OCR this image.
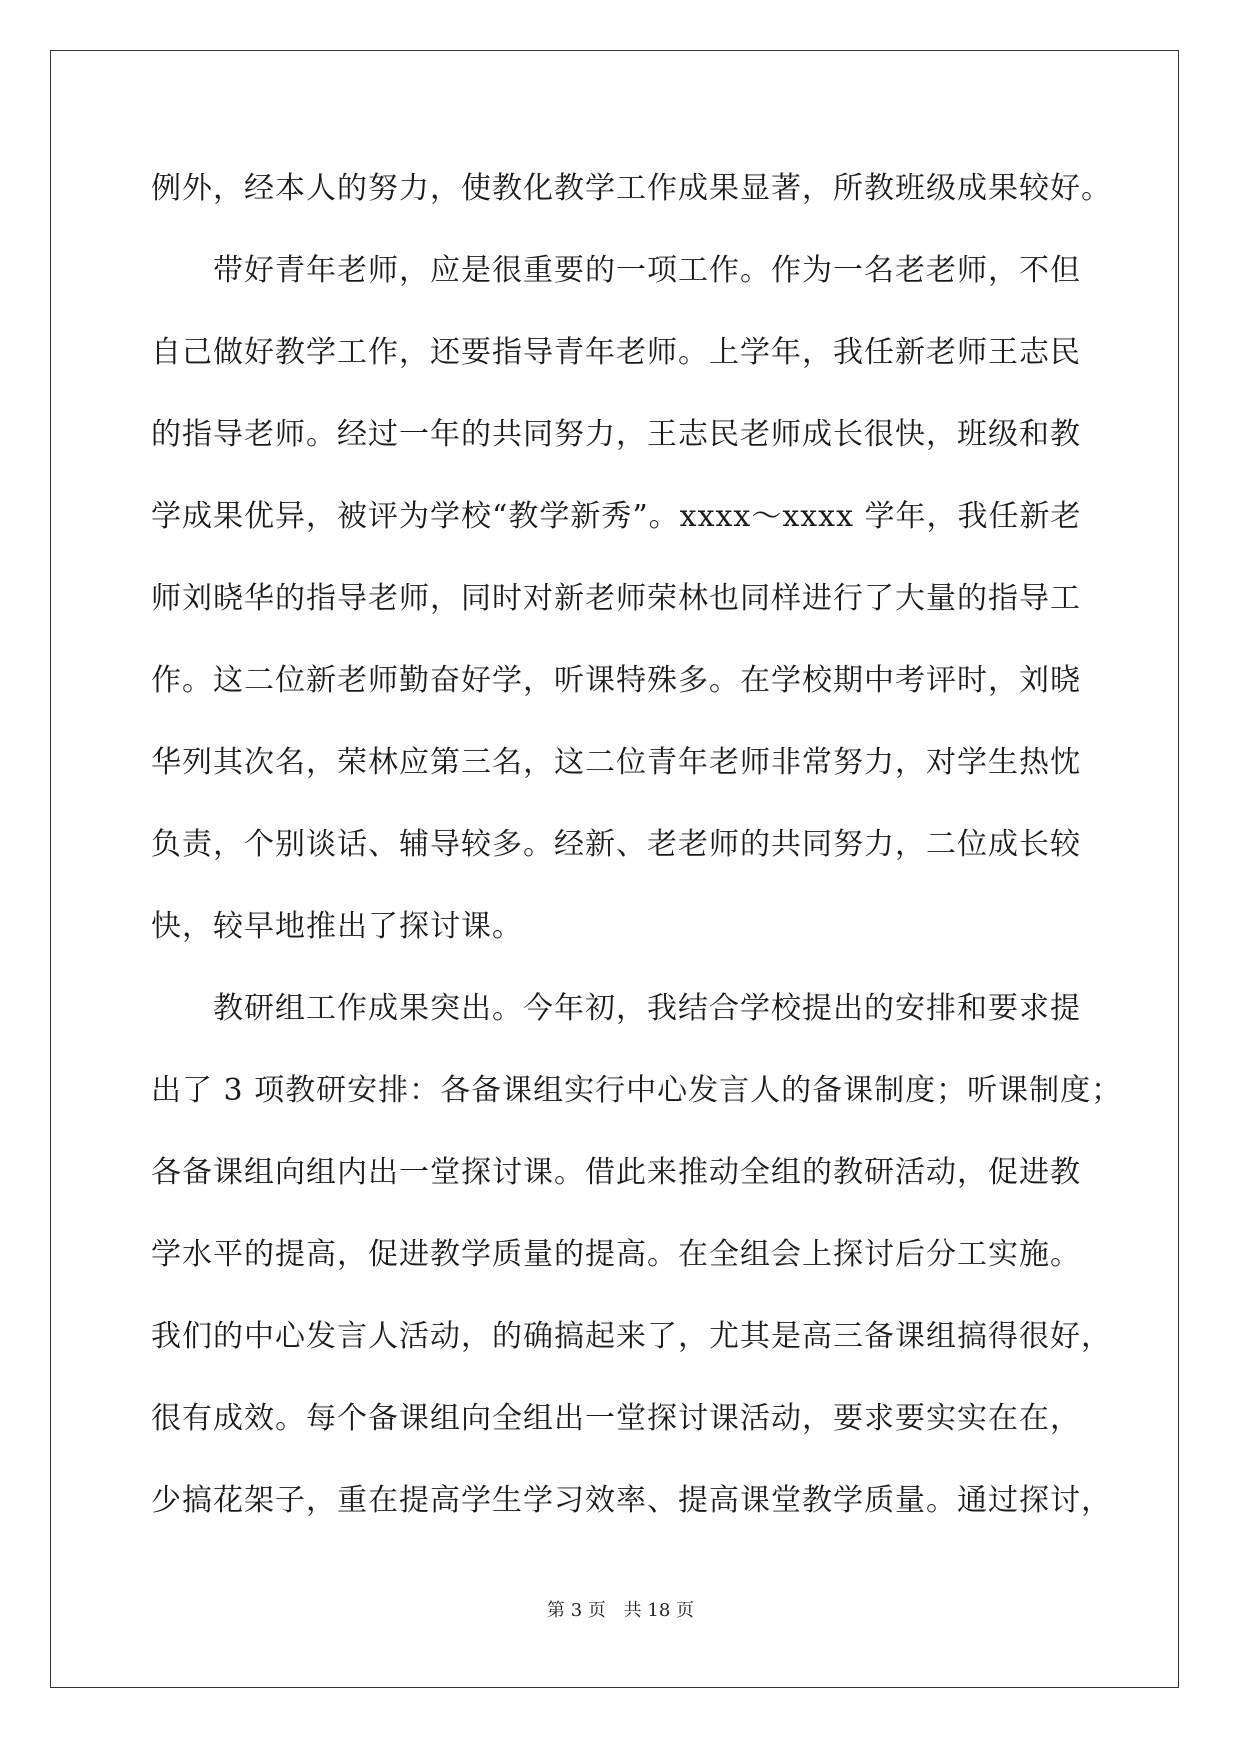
例外，经本人的努力，使教化教学工作成果显著，所教班级成果较好。
　　带好青年老师，应是很重要的一项工作。作为一名老老师，不但
自己做好教学工作，还要指导青年老师。上学年，我任新老师王志民
的指导老师。经过一年的共同努力，王志民老师成长很快，班级和教
学成果优异，被评为学校“教学新秀”。xxxx～xxxx 学年，我任新老
师刘晓华的指导老师，同时对新老师荣林也同样进行了大量的指导工
作。这二位新老师勤奋好学，听课特殊多。在学校期中考评时，刘晓
华列其次名，荣林应第三名，这二位青年老师非常努力，对学生热忱
负责，个别谈话、辅导较多。经新、老老师的共同努力，二位成长较
快，较早地推出了探讨课。
　　教研组工作成果突出。今年初，我结合学校提出的安排和要求提
出了 3 项教研安排：各备课组实行中心发言人的备课制度；听课制度；
各备课组向组内出一堂探讨课。借此来推动全组的教研活动，促进教
学水平的提高，促进教学质量的提高。在全组会上探讨后分工实施。
我们的中心发言人活动，的确搞起来了，尤其是高三备课组搞得很好，
很有成效。每个备课组向全组出一堂探讨课活动，要求要实实在在，
少搞花架子，重在提高学生学习效率、提高课堂教学质量。通过探讨，
第 3 页 共 18 页
